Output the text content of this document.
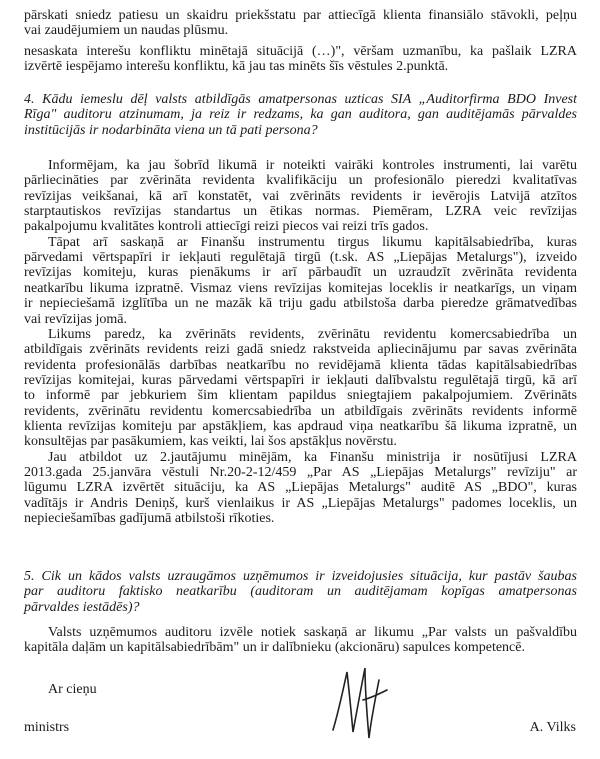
pārskati sniedz patiesu un skaidru priekšstatu par attiecīgā klienta finansiālo stāvokli, peļņu
vai zaudējumiem un naudas plūsmu.
nesaskata interešu konfliktu minētajā situācijā (…)", vēršam uzmanību, ka pašlaik LZRA
izvērtē iespējamo interešu konfliktu, kā jau tas minēts šīs vēstules 2.punktā.
4. Kādu iemeslu dēļ valsts atbildīgās amatpersonas uzticas SIA „Auditorfirma BDO Invest
Rīga" auditoru atzinumam, ja reiz ir redzams, ka gan auditora, gan auditējamās pārvaldes
institūcijās ir nodarbināta viena un tā pati persona?
Informējam, ka jau šobrīd likumā ir noteikti vairāki kontroles instrumenti, lai varētu
pārliecināties par zvērināta revidenta kvalifikāciju un profesionālo pieredzi kvalitatīvas
revīzijas veikšanai, kā arī konstatēt, vai zvērināts revidents ir ievērojis Latvijā atzītos
starptautiskos revīzijas standartus un ētikas normas. Piemēram, LZRA veic revīzijas
pakalpojumu kvalitātes kontroli attiecīgi reizi piecos vai reizi trīs gados.
Tāpat arī saskaņā ar Finanšu instrumentu tirgus likumu kapitālsabiedrība, kuras
pārvedami vērtspapīri ir iekļauti regulētajā tirgū (t.sk. AS „Liepājas Metalurgs"), izveido
revīzijas komiteju, kuras pienākums ir arī pārbaudīt un uzraudzīt zvērināta revidenta
neatkarību likuma izpratnē. Vismaz viens revīzijas komitejas loceklis ir neatkarīgs, un viņam
ir nepieciešamā izglītība un ne mazāk kā triju gadu atbilstoša darba pieredze grāmatvedības
vai revīzijas jomā.
Likums paredz, ka zvērināts revidents, zvērinātu revidentu komercsabiedrība un
atbildīgais zvērināts revidents reizi gadā sniedz rakstveida apliecinājumu par savas zvērināta
revidenta profesionālās darbības neatkarību no revidējamā klienta tādas kapitālsabiedrības
revīzijas komitejai, kuras pārvedami vērtspapīri ir iekļauti dalībvalstu regulētajā tirgū, kā arī
to informē par jebkuriem šim klientam papildus sniegtajiem pakalpojumiem. Zvērināts
revidents, zvērinātu revidentu komercsabiedrība un atbildīgais zvērināts revidents informē
klienta revīzijas komiteju par apstākļiem, kas apdraud viņa neatkarību šā likuma izpratnē, un
konsultējas par pasākumiem, kas veikti, lai šos apstākļus novērstu.
Jau atbildot uz 2.jautājumu minējām, ka Finanšu ministrija ir nosūtījusi LZRA
2013.gada 25.janvāra vēstuli Nr.20-2-12/459 „Par AS „Liepājas Metalurgs" revīziju" ar
lūgumu LZRA izvērtēt situāciju, ka AS „Liepājas Metalurgs" auditē AS „BDO", kuras
vadītājs ir Andris Deniņš, kurš vienlaikus ir AS „Liepājas Metalurgs" padomes loceklis, un
nepieciešamības gadījumā atbilstoši rīkoties.
5. Cik un kādos valsts uzraugāmos uzņēmumos ir izveidojusies situācija, kur pastāv šaubas
par auditoru faktisko neatkarību (auditoram un auditējamam kopīgas amatpersonas
pārvaldes iestādēs)?
Valsts uzņēmumos auditoru izvēle notiek saskaņā ar likumu „Par valsts un pašvaldību
kapitāla daļām un kapitālsabiedrībām" un ir dalībnieku (akcionāru) sapulces kompetencē.
Ar cieņu
ministrs	A. Vilks
